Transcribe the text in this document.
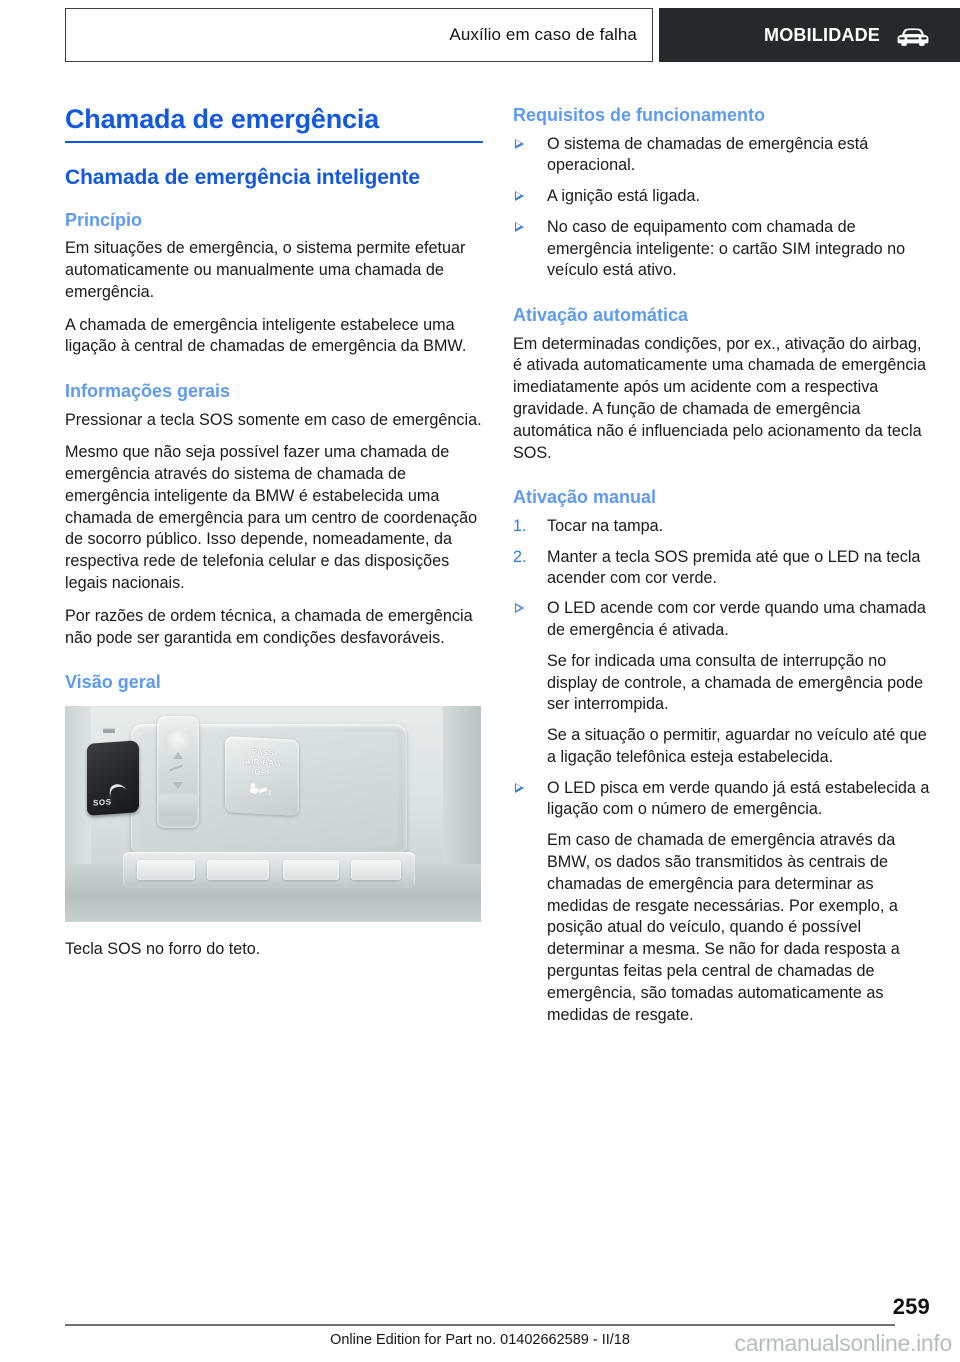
Auxílio em caso de falha	MOBILIDADE
Chamada de emergência
Chamada de emergência inteligente
Princípio

Em situações de emergência, o sistema permite efetuar automaticamente ou manualmente uma chamada de emergência.

A chamada de emergência inteligente estabelece uma ligação à central de chamadas de emergência da BMW.

Informações gerais

Pressionar a tecla SOS somente em caso de emergência.

Mesmo que não seja possível fazer uma chamada de emergência através do sistema de chamada de emergência inteligente da BMW é estabelecida uma chamada de emergência para um centro de coordenação de socorro público. Isso depende, nomeadamente, da respectiva rede de telefonia celular e das disposições legais nacionais.

Por razões de ordem técnica, a chamada de emergência não pode ser garantida em condições desfavoráveis.

Visão geral
SOS
PASS
AIR BAG
OFF
2
Tecla SOS no forro do teto.
Requisitos de funcionamento
O sistema de chamadas de emergência está operacional.
A ignição está ligada.
No caso de equipamento com chamada de emergência inteligente: o cartão SIM integrado no veículo está ativo.
Ativação automática

Em determinadas condições, por ex., ativação do airbag, é ativada automaticamente uma chamada de emergência imediatamente após um acidente com a respectiva gravidade. A função de chamada de emergência automática não é influenciada pelo acionamento da tecla SOS.

Ativação manual
1. Tocar na tampa.
2. Manter a tecla SOS premida até que o LED na tecla acender com cor verde.
O LED acende com cor verde quando uma chamada de emergência é ativada.
Se for indicada uma consulta de interrupção no display de controle, a chamada de emergência pode ser interrompida.
Se a situação o permitir, aguardar no veículo até que a ligação telefônica esteja estabelecida.
O LED pisca em verde quando já está estabelecida a ligação com o número de emergência.
Em caso de chamada de emergência através da BMW, os dados são transmitidos às centrais de chamadas de emergência para determinar as medidas de resgate necessárias. Por exemplo, a posição atual do veículo, quando é possível determinar a mesma. Se não for dada resposta a perguntas feitas pela central de chamadas de emergência, são tomadas automaticamente as medidas de resgate.
259
Online Edition for Part no. 01402662589 - II/18	carmanualsonline.info
